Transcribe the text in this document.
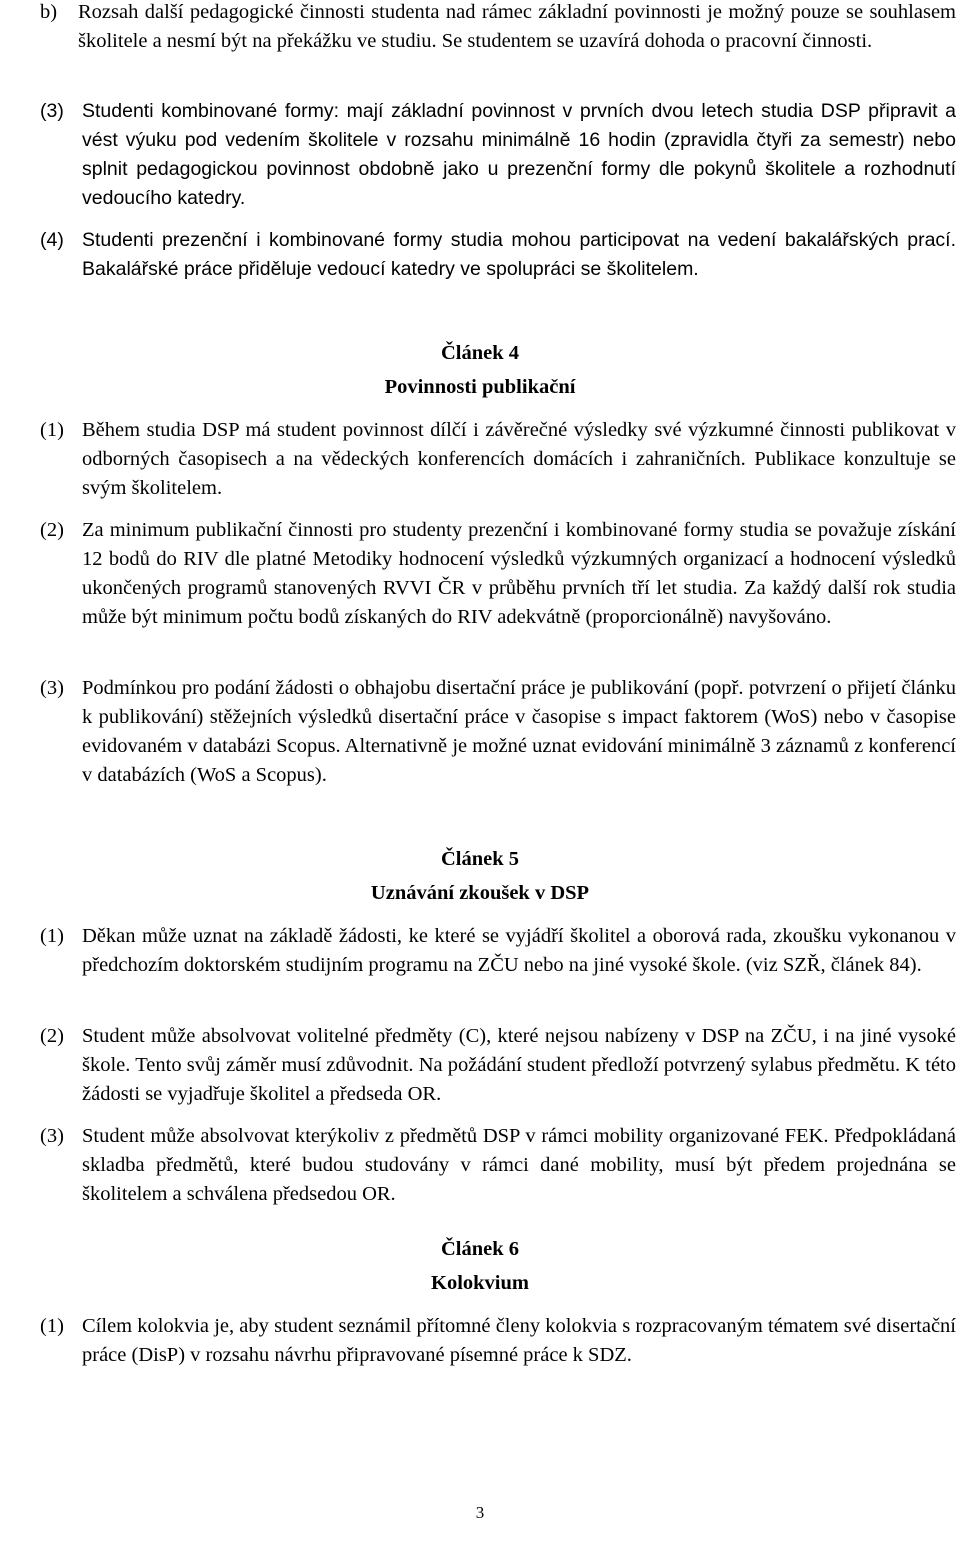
b) Rozsah další pedagogické činnosti studenta nad rámec základní povinnosti je možný pouze se souhlasem školitele a nesmí být na překážku ve studiu. Se studentem se uzavírá dohoda o pracovní činnosti.
(3) Studenti kombinované formy: mají základní povinnost v prvních dvou letech studia DSP připravit a vést výuku pod vedením školitele v rozsahu minimálně 16 hodin (zpravidla čtyři za semestr) nebo splnit pedagogickou povinnost obdobně jako u prezenční formy dle pokynů školitele a rozhodnutí vedoucího katedry.
(4) Studenti prezenční i kombinované formy studia mohou participovat na vedení bakalářských prací. Bakalářské práce přiděluje vedoucí katedry ve spolupráci se školitelem.
Článek 4
Povinnosti publikační
(1) Během studia DSP má student povinnost dílčí i závěrečné výsledky své výzkumné činnosti publikovat v odborných časopisech a na vědeckých konferencích domácích i zahraničních. Publikace konzultuje se svým školitelem.
(2) Za minimum publikační činnosti pro studenty prezenční i kombinované formy studia se považuje získání 12 bodů do RIV dle platné Metodiky hodnocení výsledků výzkumných organizací a hodnocení výsledků ukončených programů stanovených RVVI ČR v průběhu prvních tří let studia. Za každý další rok studia může být minimum počtu bodů získaných do RIV adekvátně (proporcionálně) navyšováno.
(3) Podmínkou pro podání žádosti o obhajobu disertační práce je publikování (popř. potvrzení o přijetí článku k publikování) stěžejních výsledků disertační práce v časopise s impact faktorem (WoS) nebo v časopise evidovaném v databázi Scopus. Alternativně je možné uznat evidování minimálně 3 záznamů z konferencí v databázích (WoS a Scopus).
Článek 5
Uznávání zkoušek v DSP
(1) Děkan může uznat na základě žádosti, ke které se vyjádří školitel a oborová rada, zkoušku vykonanou v předchozím doktorském studijním programu na ZČU nebo na jiné vysoké škole. (viz SZŘ, článek 84).
(2) Student může absolvovat volitelné předměty (C), které nejsou nabízeny v DSP na ZČU, i na jiné vysoké škole. Tento svůj záměr musí zdůvodnit. Na požádání student předloží potvrzený sylabus předmětu. K této žádosti se vyjadřuje školitel a předseda OR.
(3) Student může absolvovat kterýkoliv z předmětů DSP v rámci mobility organizované FEK. Předpokládaná skladba předmětů, které budou studovány v rámci dané mobility, musí být předem projednána se školitelem a schválena předsedou OR.
Článek 6
Kolokvium
(1) Cílem kolokvia je, aby student seznámil přítomné členy kolokvia s rozpracovaným tématem své disertační práce (DisP) v rozsahu návrhu připravované písemné práce k SDZ.
3
